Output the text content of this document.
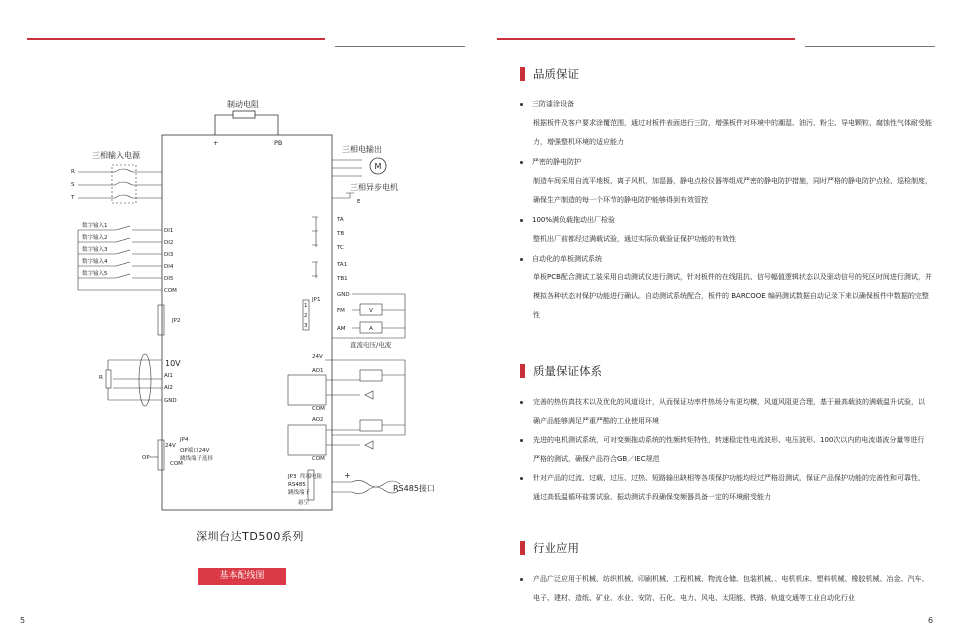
制动电阻
+	PB
三相输入电源
R
S
T
三相电输出
M
三相异步电机
E
数字输入1
数字输入2
数字输入3
数字输入4
数字输入5
DI1
DI2
DI3
DI4
DI5
COM
TA
TB
TC
TA1
TB1
JP1
GND
FM
AM
1
2
3
V
A
直流电压/电流
JP2
10V
AI1
AI2
GND
R
24V
AO1
COM
AO2
COM
24V
JP4
OP端口24V
跳线端子选择
COM
OP
JP3
RS485
跳线端子
终端电阻
悬空
+
RS485接口
深圳台达TD500系列
基本配线图
5
品质保证
三防漆涂设备
根据板件及客户要求涂覆范围，通过对板件表面进行三防，增强板件对环境中的潮湿、油污、粉尘、导电颗粒、腐蚀性气体耐受能力，增强整机环境的适应能力
严密的静电防护
制造车间采用自流平地板，离子风机，加湿器，静电点检仪器等组成严密的静电防护措施，同时严格的静电防护点检、巡检制度，确保生产制造的每一个环节的静电防护能够得到有效管控
100%满负载拖动出厂检验
整机出厂前都经过满载试验，通过实际负载验证保护功能的有效性
自动化的单板测试系统
单板PCB配合测试工装采用自动测试仪进行测试，针对板件的在线阻抗、信号幅值逻辑状态以及驱动信号的死区时间进行测试，并模拟各种状态对保护功能进行确认。自动测试系统配合，板件的 BARCOOE 编码测试数据自动记录下来以确保板件中数据的完整性
质量保证体系
完善的热仿真技术以及优化的风道设计，从而保证功率件热场分布更均横，风道风阻更合理，基于最高载波的满载温升试验，以确产品能够满足严重严酷的工业使用环境
先进的电机测试系统，可对变频拖动系统的性频转矩特性，转速稳定性电流波形、电压波形、100次以内的电流谐波分量等进行严格的测试，确保产品符合GB／IEC规范
针对产品的过流、过载、过压、过热、短路输出缺相等各项保护功能均经过严格沿测试，保证产品保护功能的完善性和可靠性，通过高低温循环盐雾试验、振动测试手段确保变频器具备一定的环境耐受能力
行业应用
产品广泛应用于机械、纺织机械、印刷机械、工程机械、物流仓储、包装机械、、电机机床、塑料机械、橡胶机械、冶金、汽车、电子、建材、造纸、矿业、水业、安防、石化、电力、风电、太阳能、铁路、轨道交通等工业自动化行业
6
